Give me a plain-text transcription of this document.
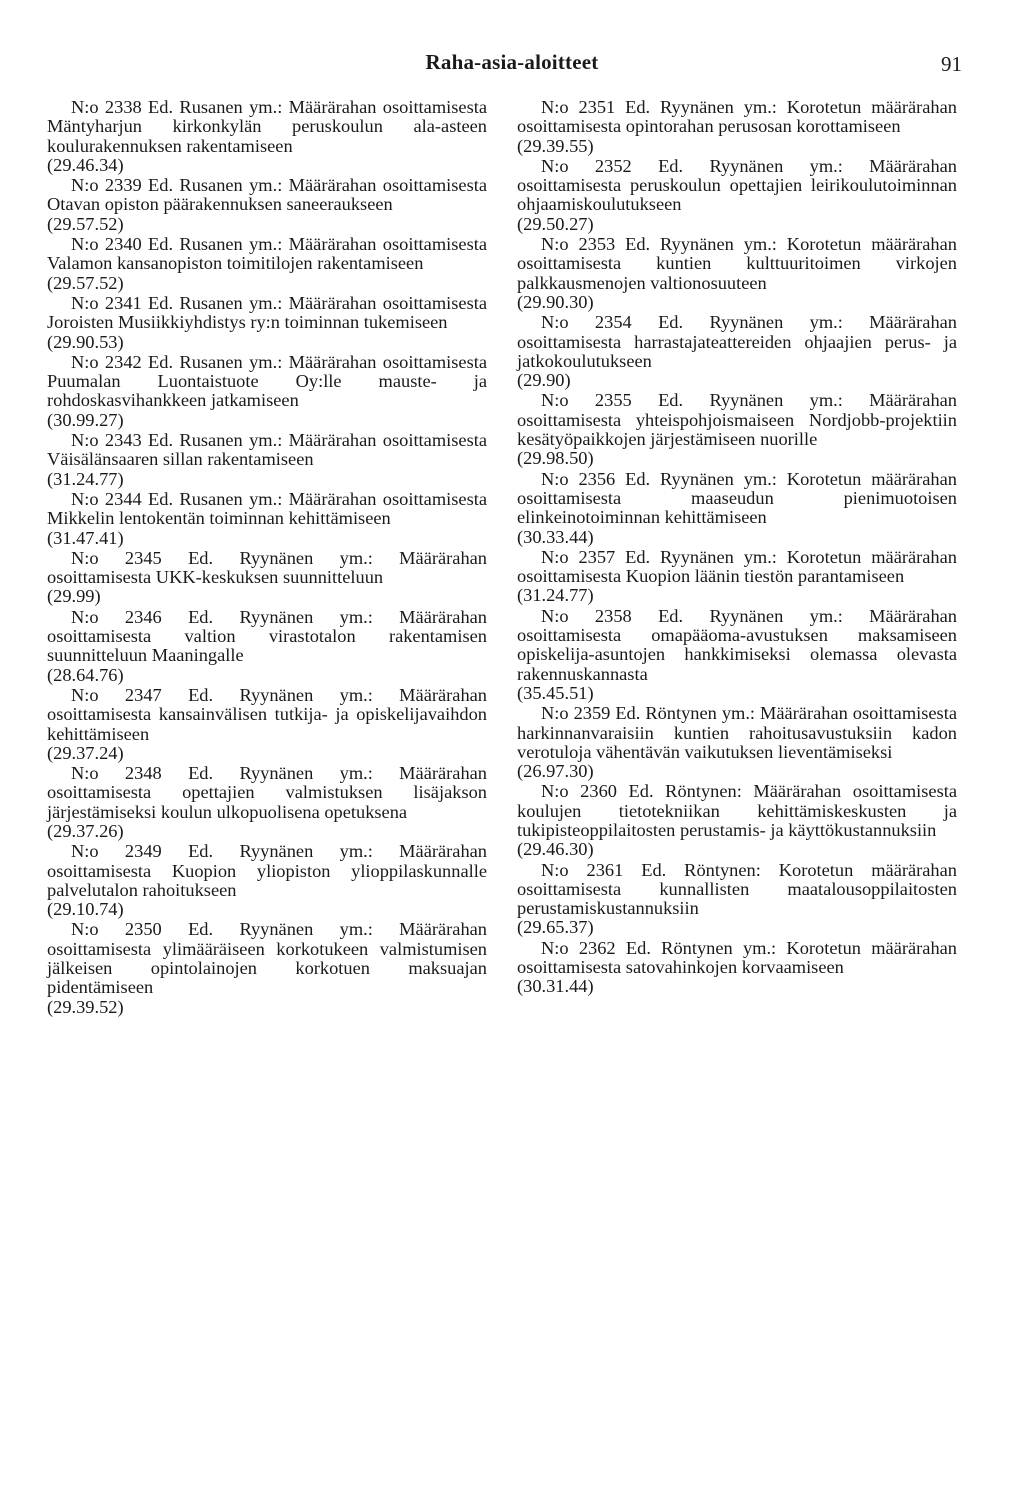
Raha-asia-aloitteet	91

N:o 2338 Ed. Rusanen ym.: Määrärahan osoittamisesta Mäntyharjun kirkonkylän peruskoulun ala-asteen koulurakennuksen rakentamiseen

(29.46.34)

N:o 2339 Ed. Rusanen ym.: Määrärahan osoittamisesta Otavan opiston päärakennuksen saneeraukseen

(29.57.52)

N:o 2340 Ed. Rusanen ym.: Määrärahan osoittamisesta Valamon kansanopiston toimitilojen rakentamiseen

(29.57.52)

N:o 2341 Ed. Rusanen ym.: Määrärahan osoittamisesta Joroisten Musiikkiyhdistys ry:n toiminnan tukemiseen

(29.90.53)

N:o 2342 Ed. Rusanen ym.: Määrärahan osoittamisesta Puumalan Luontaistuote Oy:lle mauste- ja rohdoskasvihankkeen jatkamiseen

(30.99.27)

N:o 2343 Ed. Rusanen ym.: Määrärahan osoittamisesta Väisälänsaaren sillan rakentamiseen

(31.24.77)

N:o 2344 Ed. Rusanen ym.: Määrärahan osoittamisesta Mikkelin lentokentän toiminnan kehittämiseen

(31.47.41)

N:o 2345 Ed. Ryynänen ym.: Määrärahan osoittamisesta UKK-keskuksen suunnitteluun

(29.99)

N:o 2346 Ed. Ryynänen ym.: Määrärahan osoittamisesta valtion virastotalon rakentamisen suunnitteluun Maaningalle

(28.64.76)

N:o 2347 Ed. Ryynänen ym.: Määrärahan osoittamisesta kansainvälisen tutkija- ja opiskelijavaihdon kehittämiseen

(29.37.24)

N:o 2348 Ed. Ryynänen ym.: Määrärahan osoittamisesta opettajien valmistuksen lisäjakson järjestämiseksi koulun ulkopuolisena opetuksena

(29.37.26)

N:o 2349 Ed. Ryynänen ym.: Määrärahan osoittamisesta Kuopion yliopiston ylioppilaskunnalle palvelutalon rahoitukseen

(29.10.74)

N:o 2350 Ed. Ryynänen ym.: Määrärahan osoittamisesta ylimääräiseen korkotukeen valmistumisen jälkeisen opintolainojen korkotuen maksuajan pidentämiseen

(29.39.52)

N:o 2351 Ed. Ryynänen ym.: Korotetun määrärahan osoittamisesta opintorahan perusosan korottamiseen

(29.39.55)

N:o 2352 Ed. Ryynänen ym.: Määrärahan osoittamisesta peruskoulun opettajien leirikoulutoiminnan ohjaamiskoulutukseen

(29.50.27)

N:o 2353 Ed. Ryynänen ym.: Korotetun määrärahan osoittamisesta kuntien kulttuuritoimen virkojen palkkausmenojen valtionosuuteen

(29.90.30)

N:o 2354 Ed. Ryynänen ym.: Määrärahan osoittamisesta harrastajateattereiden ohjaajien perus- ja jatkokoulutukseen

(29.90)

N:o 2355 Ed. Ryynänen ym.: Määrärahan osoittamisesta yhteispohjoismaiseen Nordjobb-projektiin kesätyöpaikkojen järjestämiseen nuorille

(29.98.50)

N:o 2356 Ed. Ryynänen ym.: Korotetun määrärahan osoittamisesta maaseudun pienimuotoisen elinkeinotoiminnan kehittämiseen

(30.33.44)

N:o 2357 Ed. Ryynänen ym.: Korotetun määrärahan osoittamisesta Kuopion läänin tiestön parantamiseen

(31.24.77)

N:o 2358 Ed. Ryynänen ym.: Määrärahan osoittamisesta omapääoma-avustuksen maksamiseen opiskelija-asuntojen hankkimiseksi olemassa olevasta rakennuskannasta

(35.45.51)

N:o 2359 Ed. Röntynen ym.: Määrärahan osoittamisesta harkinnanvaraisiin kuntien rahoitusavustuksiin kadon verotuloja vähentävän vaikutuksen lieventämiseksi

(26.97.30)

N:o 2360 Ed. Röntynen: Määrärahan osoittamisesta koulujen tietotekniikan kehittämiskeskusten ja tukipisteoppilaitosten perustamis- ja käyttökustannuksiin

(29.46.30)

N:o 2361 Ed. Röntynen: Korotetun määrärahan osoittamisesta kunnallisten maatalousoppilaitosten perustamiskustannuksiin

(29.65.37)

N:o 2362 Ed. Röntynen ym.: Korotetun määrärahan osoittamisesta satovahinkojen korvaamiseen

(30.31.44)
